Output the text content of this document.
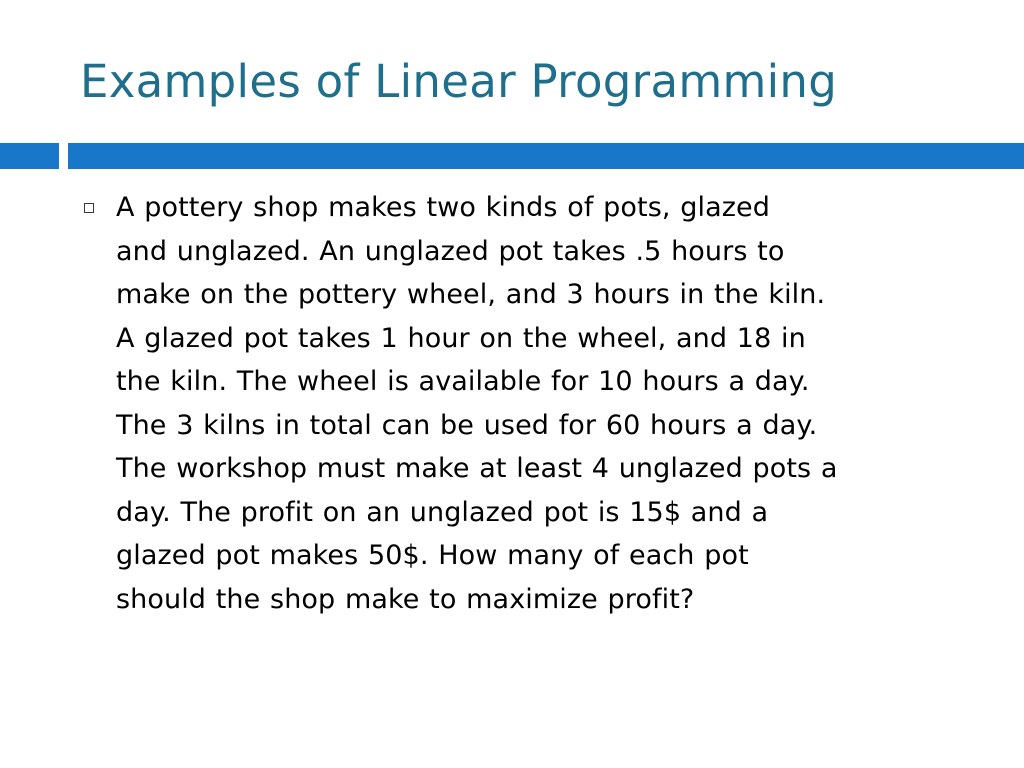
Examples of Linear Programming
A pottery shop makes two kinds of pots, glazed
and unglazed. An unglazed pot takes .5 hours to
make on the pottery wheel, and 3 hours in the kiln.
A glazed pot takes 1 hour on the wheel, and 18 in
the kiln. The wheel is available for 10 hours a day.
The 3 kilns in total can be used for 60 hours a day.
The workshop must make at least 4 unglazed pots a
day. The profit on an unglazed pot is 15$ and a
glazed pot makes 50$. How many of each pot
should the shop make to maximize profit?
